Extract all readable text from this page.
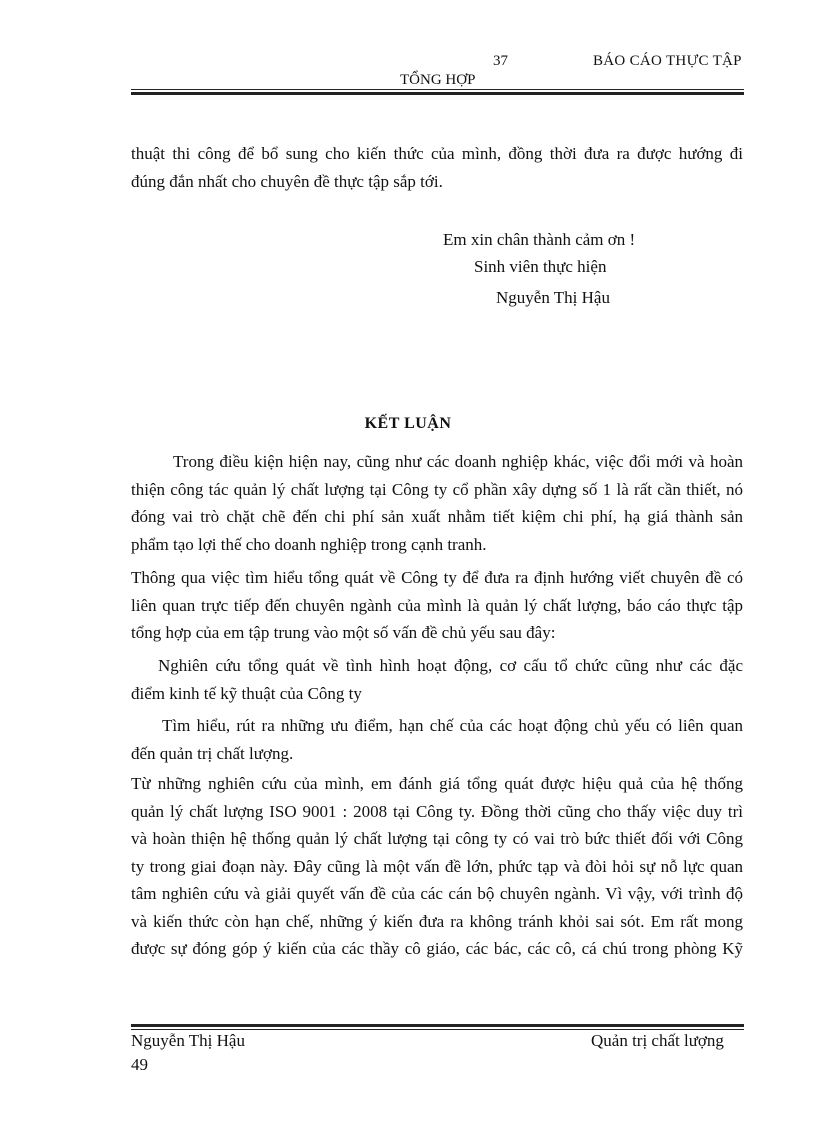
37	BÁO CÁO THỰC TẬP
TỔNG HỢP
thuật thi công để bổ sung cho kiến thức của mình, đồng thời đưa ra được hướng đi
đúng đắn nhất cho chuyên đề thực tập sắp tới.
Em xin chân thành cảm ơn !
Sinh viên thực hiện
Nguyễn Thị Hậu
KẾT LUẬN
Trong điều kiện hiện nay, cũng như các doanh nghiệp khác, việc đổi mới và hoàn
thiện công tác quản lý chất lượng tại Công ty cổ phần xây dựng số 1 là rất cần thiết, nó
đóng vai trò chặt chẽ đến chi phí sản xuất nhằm tiết kiệm chi phí, hạ giá thành sản
phẩm tạo lợi thế cho doanh nghiệp trong cạnh tranh.
Thông qua việc tìm hiểu tổng quát về Công ty để đưa ra định hướng viết chuyên đề có
liên quan trực tiếp đến chuyên ngành của mình là quản lý chất lượng, báo cáo thực tập
tổng hợp của em tập trung vào một số vấn đề chủ yếu sau đây:
Nghiên cứu tổng quát về tình hình hoạt động, cơ cấu tổ chức cũng như các đặc
điểm kinh tế kỹ thuật của Công ty
Tìm hiểu, rút ra những ưu điểm, hạn chế của các hoạt động chủ yếu có liên quan
đến quản trị chất lượng.
Từ những nghiên cứu của mình, em đánh giá tổng quát được hiệu quả của hệ thống
quản lý chất lượng ISO 9001 : 2008 tại Công ty. Đồng thời cũng cho thấy việc duy trì
và hoàn thiện hệ thống quản lý chất lượng tại công ty có vai trò bức thiết đối với Công
ty trong giai đoạn này. Đây cũng là một vấn đề lớn, phức tạp và đòi hỏi sự nỗ lực quan
tâm nghiên cứu và giải quyết vấn đề của các cán bộ chuyên ngành. Vì vậy, với trình độ
và kiến thức còn hạn chế, những ý kiến đưa ra không tránh khỏi sai sót. Em rất mong
được sự đóng góp ý kiến của các thầy cô giáo, các bác, các cô, cá chú trong phòng Kỹ
Nguyễn Thị Hậu	Quản trị chất lượng
49
